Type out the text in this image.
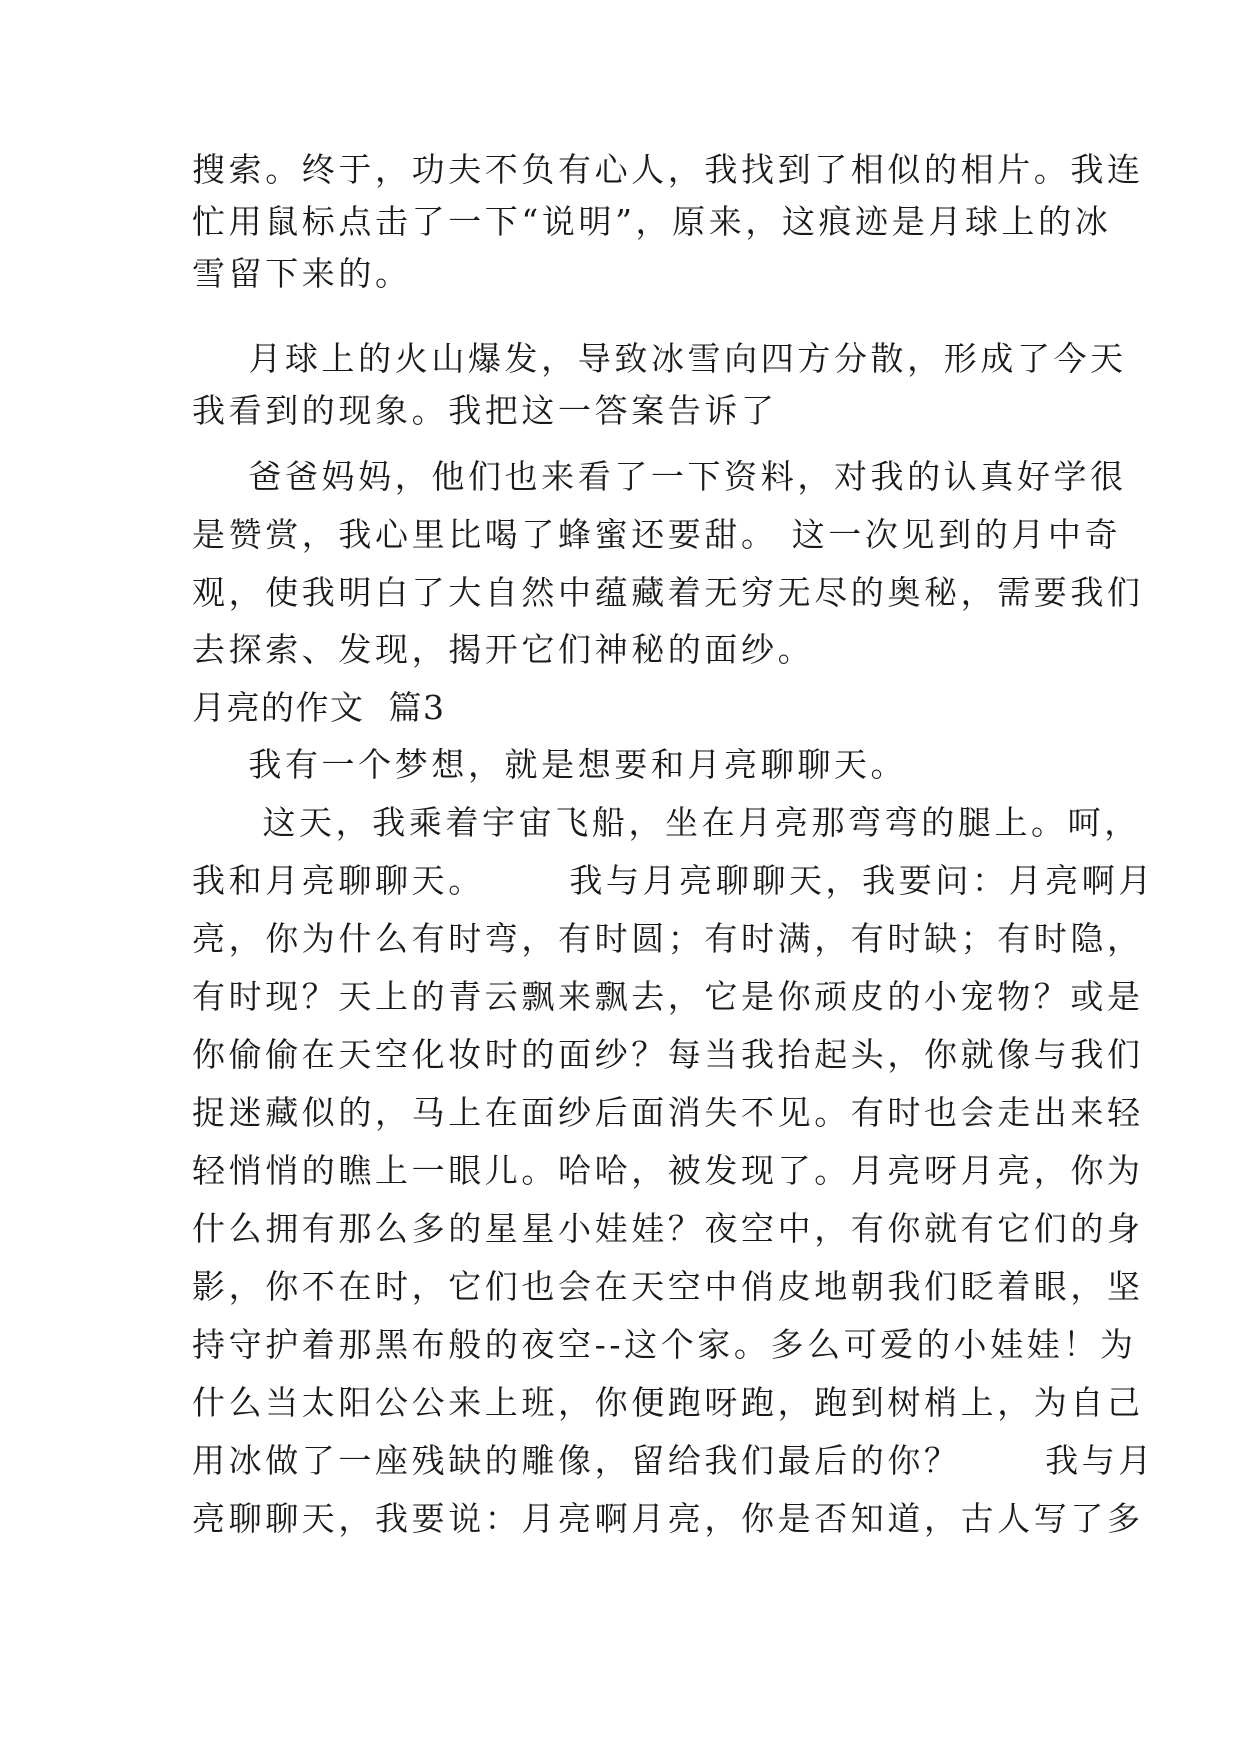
搜索。终于，功夫不负有心人，我找到了相似的相片。我连

忙用鼠标点击了一下“说明”，原来，这痕迹是月球上的冰

雪留下来的。

月球上的火山爆发，导致冰雪向四方分散，形成了今天

我看到的现象。我把这一答案告诉了

爸爸妈妈，他们也来看了一下资料，对我的认真好学很

是赞赏，我心里比喝了蜂蜜还要甜。 这一次见到的月中奇

观，使我明白了大自然中蕴藏着无穷无尽的奥秘，需要我们

去探索、发现，揭开它们神秘的面纱。

月亮的作文  篇3

我有一个梦想，就是想要和月亮聊聊天。

这天，我乘着宇宙飞船，坐在月亮那弯弯的腿上。呵，

我和月亮聊聊天。      我与月亮聊聊天，我要问：月亮啊月

亮，你为什么有时弯，有时圆；有时满，有时缺；有时隐，

有时现？天上的青云飘来飘去，它是你顽皮的小宠物？或是

你偷偷在天空化妆时的面纱？每当我抬起头，你就像与我们

捉迷藏似的，马上在面纱后面消失不见。有时也会走出来轻

轻悄悄的瞧上一眼儿。哈哈，被发现了。月亮呀月亮，你为

什么拥有那么多的星星小娃娃？夜空中，有你就有它们的身

影，你不在时，它们也会在天空中俏皮地朝我们眨着眼，坚

持守护着那黑布般的夜空--这个家。多么可爱的小娃娃！为

什么当太阳公公来上班，你便跑呀跑，跑到树梢上，为自己

用冰做了一座残缺的雕像，留给我们最后的你？      我与月

亮聊聊天，我要说：月亮啊月亮，你是否知道，古人写了多
